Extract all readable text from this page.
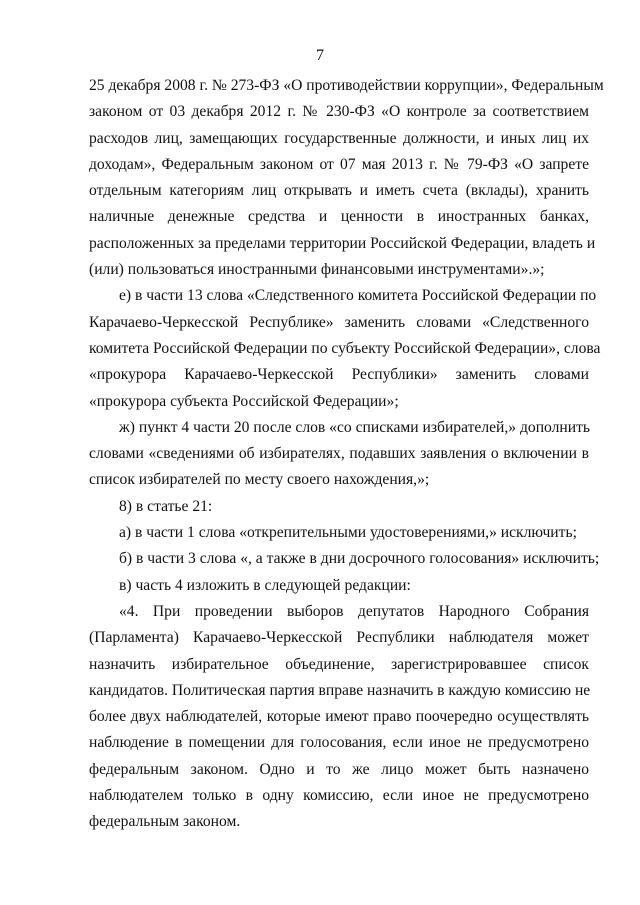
7
25 декабря 2008 г. № 273-ФЗ «О противодействии коррупции», Федеральным
законом от 03 декабря 2012 г. № 230-ФЗ «О контроле за соответствием
расходов лиц, замещающих государственные должности, и иных лиц их
доходам», Федеральным законом от 07 мая 2013 г. № 79-ФЗ «О запрете
отдельным категориям лиц открывать и иметь счета (вклады), хранить
наличные денежные средства и ценности в иностранных банках,
расположенных за пределами территории Российской Федерации, владеть и
(или) пользоваться иностранными финансовыми инструментами».»;
е) в части 13 слова «Следственного комитета Российской Федерации по
Карачаево-Черкесской Республике» заменить словами «Следственного
комитета Российской Федерации по субъекту Российской Федерации», слова
«прокурора Карачаево-Черкесской Республики» заменить словами
«прокурора субъекта Российской Федерации»;
ж) пункт 4 части 20 после слов «со списками избирателей,» дополнить
словами «сведениями об избирателях, подавших заявления о включении в
список избирателей по месту своего нахождения,»;
8) в статье 21:
а) в части 1 слова «открепительными удостоверениями,» исключить;
б) в части 3 слова «, а также в дни досрочного голосования» исключить;
в) часть 4 изложить в следующей редакции:
«4. При проведении выборов депутатов Народного Собрания
(Парламента) Карачаево-Черкесской Республики наблюдателя может
назначить избирательное объединение, зарегистрировавшее список
кандидатов. Политическая партия вправе назначить в каждую комиссию не
более двух наблюдателей, которые имеют право поочередно осуществлять
наблюдение в помещении для голосования, если иное не предусмотрено
федеральным законом. Одно и то же лицо может быть назначено
наблюдателем только в одну комиссию, если иное не предусмотрено
федеральным законом.
